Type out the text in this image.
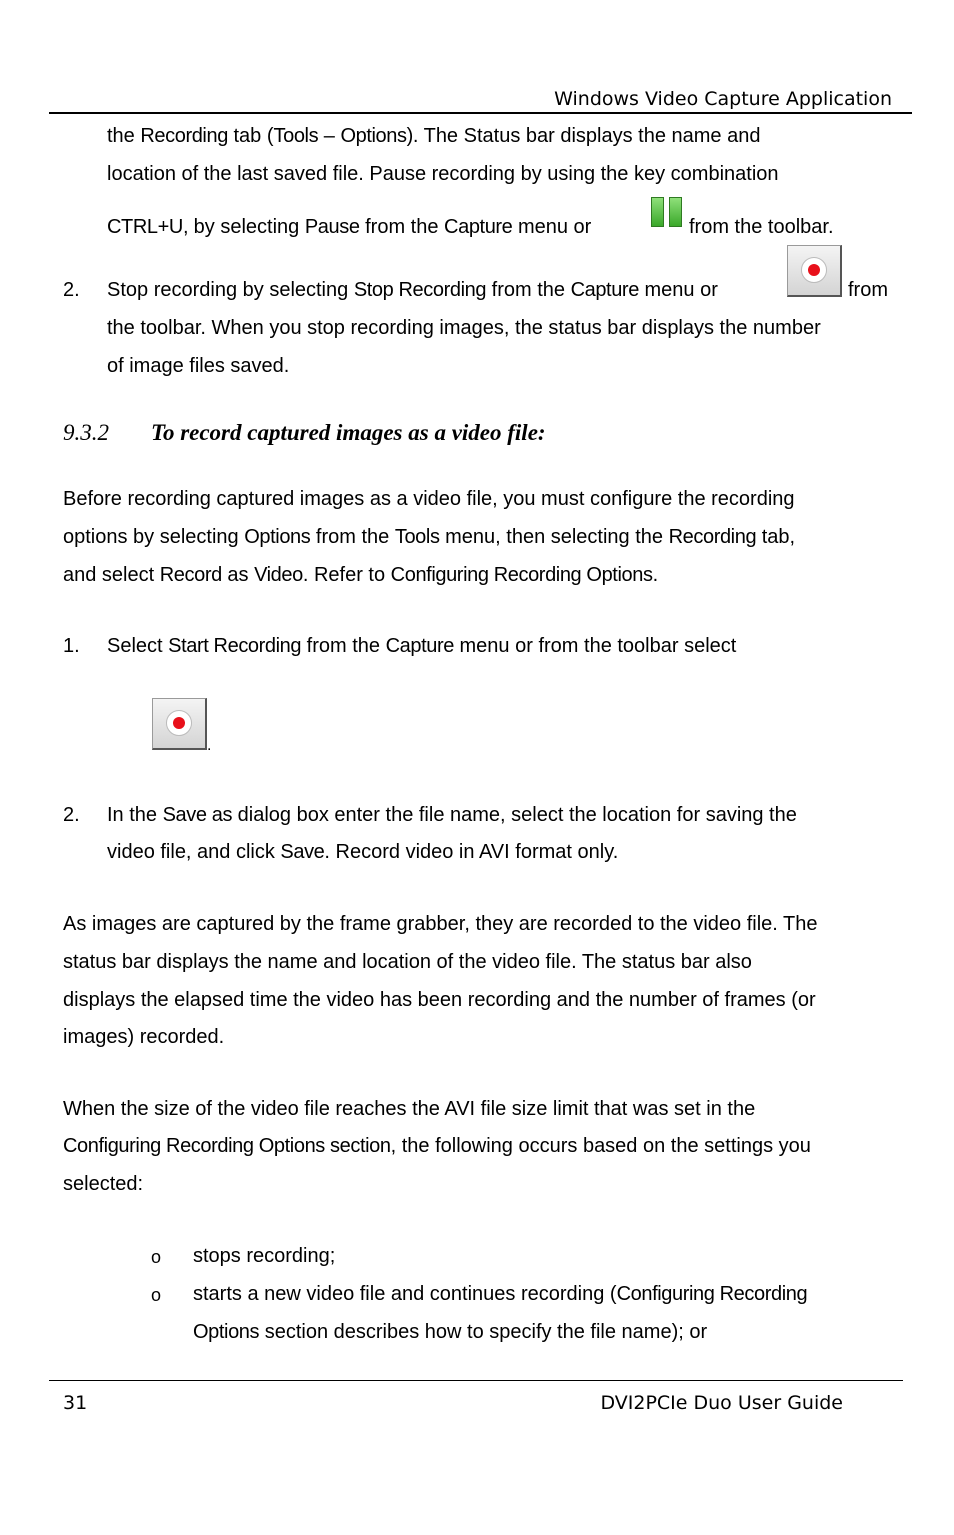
Windows Video Capture Application
the Recording tab (Tools – Options). The Status bar displays the name and
location of the last saved file. Pause recording by using the key combination
CTRL+U, by selecting Pause from the Capture menu or	from the toolbar.
2. Stop recording by selecting Stop Recording from the Capture menu or	from
the toolbar. When you stop recording images, the status bar displays the number
of image files saved.
9.3.2 To record captured images as a video file:
Before recording captured images as a video file, you must configure the recording
options by selecting Options from the Tools menu, then selecting the Recording tab,
and select Record as Video. Refer to Configuring Recording Options.
1. Select Start Recording from the Capture menu or from the toolbar select
.
2. In the Save as dialog box enter the file name, select the location for saving the
video file, and click Save. Record video in AVI format only.
As images are captured by the frame grabber, they are recorded to the video file. The
status bar displays the name and location of the video file. The status bar also
displays the elapsed time the video has been recording and the number of frames (or
images) recorded.
When the size of the video file reaches the AVI file size limit that was set in the
Configuring Recording Options section, the following occurs based on the settings you
selected:
o stops recording;
o starts a new video file and continues recording (Configuring Recording
Options section describes how to specify the file name); or
31	DVI2PCIe Duo User Guide
